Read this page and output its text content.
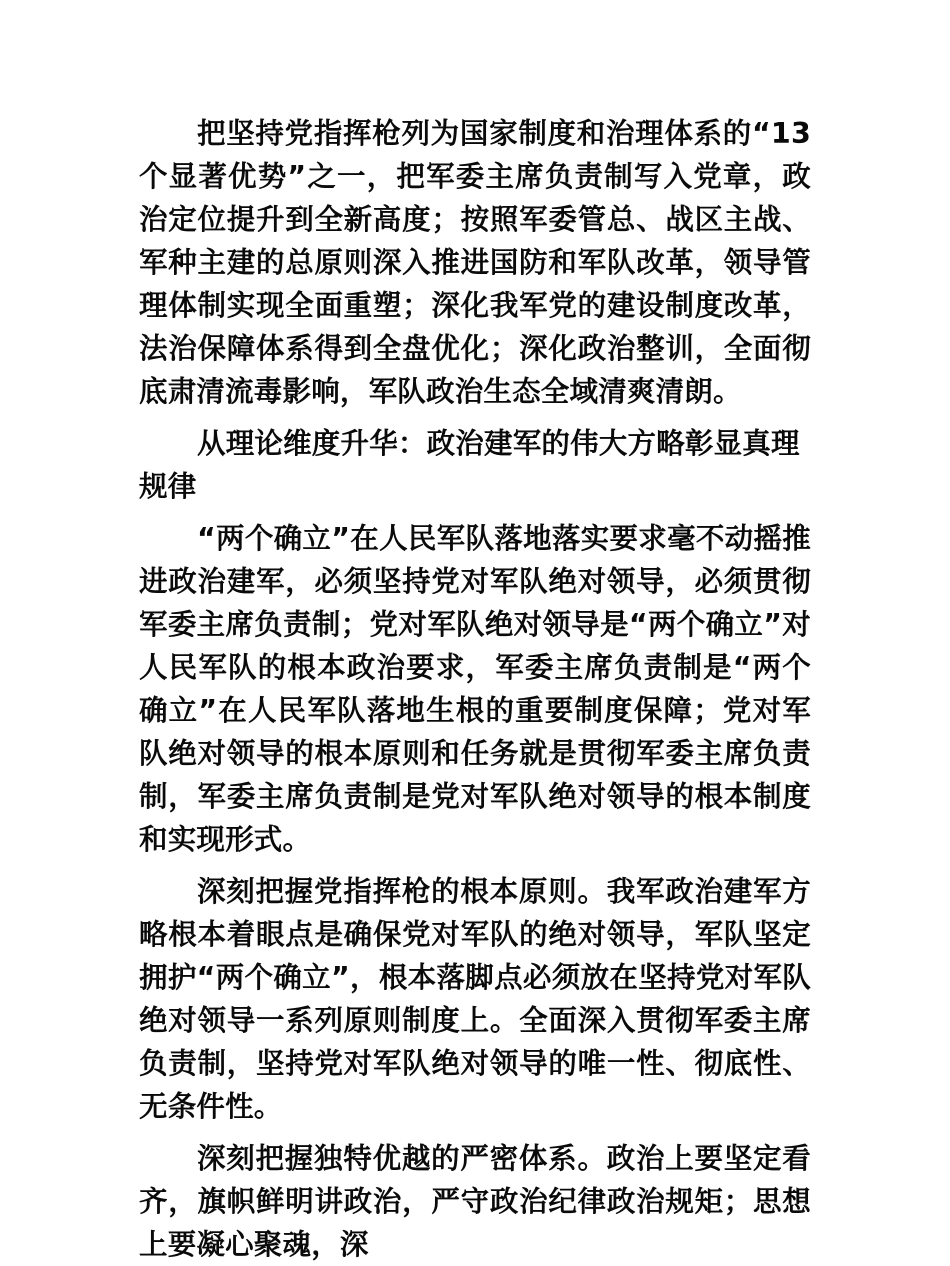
把坚持党指挥枪列为国家制度和治理体系的“13 个显著优势”之一，把军委主席负责制写入党章，政治定位提升到全新高度；按照军委管总、战区主战、军种主建的总原则深入推进国防和军队改革，领导管理体制实现全面重塑；深化我军党的建设制度改革，法治保障体系得到全盘优化；深化政治整训，全面彻底肃清流毒影响，军队政治生态全域清爽清朗。

从理论维度升华：政治建军的伟大方略彰显真理规律

“两个确立”在人民军队落地落实要求毫不动摇推进政治建军，必须坚持党对军队绝对领导，必须贯彻军委主席负责制；党对军队绝对领导是“两个确立”对人民军队的根本政治要求，军委主席负责制是“两个确立”在人民军队落地生根的重要制度保障；党对军队绝对领导的根本原则和任务就是贯彻军委主席负责制，军委主席负责制是党对军队绝对领导的根本制度和实现形式。

深刻把握党指挥枪的根本原则。我军政治建军方略根本着眼点是确保党对军队的绝对领导，军队坚定拥护“两个确立”，根本落脚点必须放在坚持党对军队绝对领导一系列原则制度上。全面深入贯彻军委主席负责制，坚持党对军队绝对领导的唯一性、彻底性、无条件性。

深刻把握独特优越的严密体系。政治上要坚定看齐，旗帜鲜明讲政治，严守政治纪律政治规矩；思想上要凝心聚魂，深
